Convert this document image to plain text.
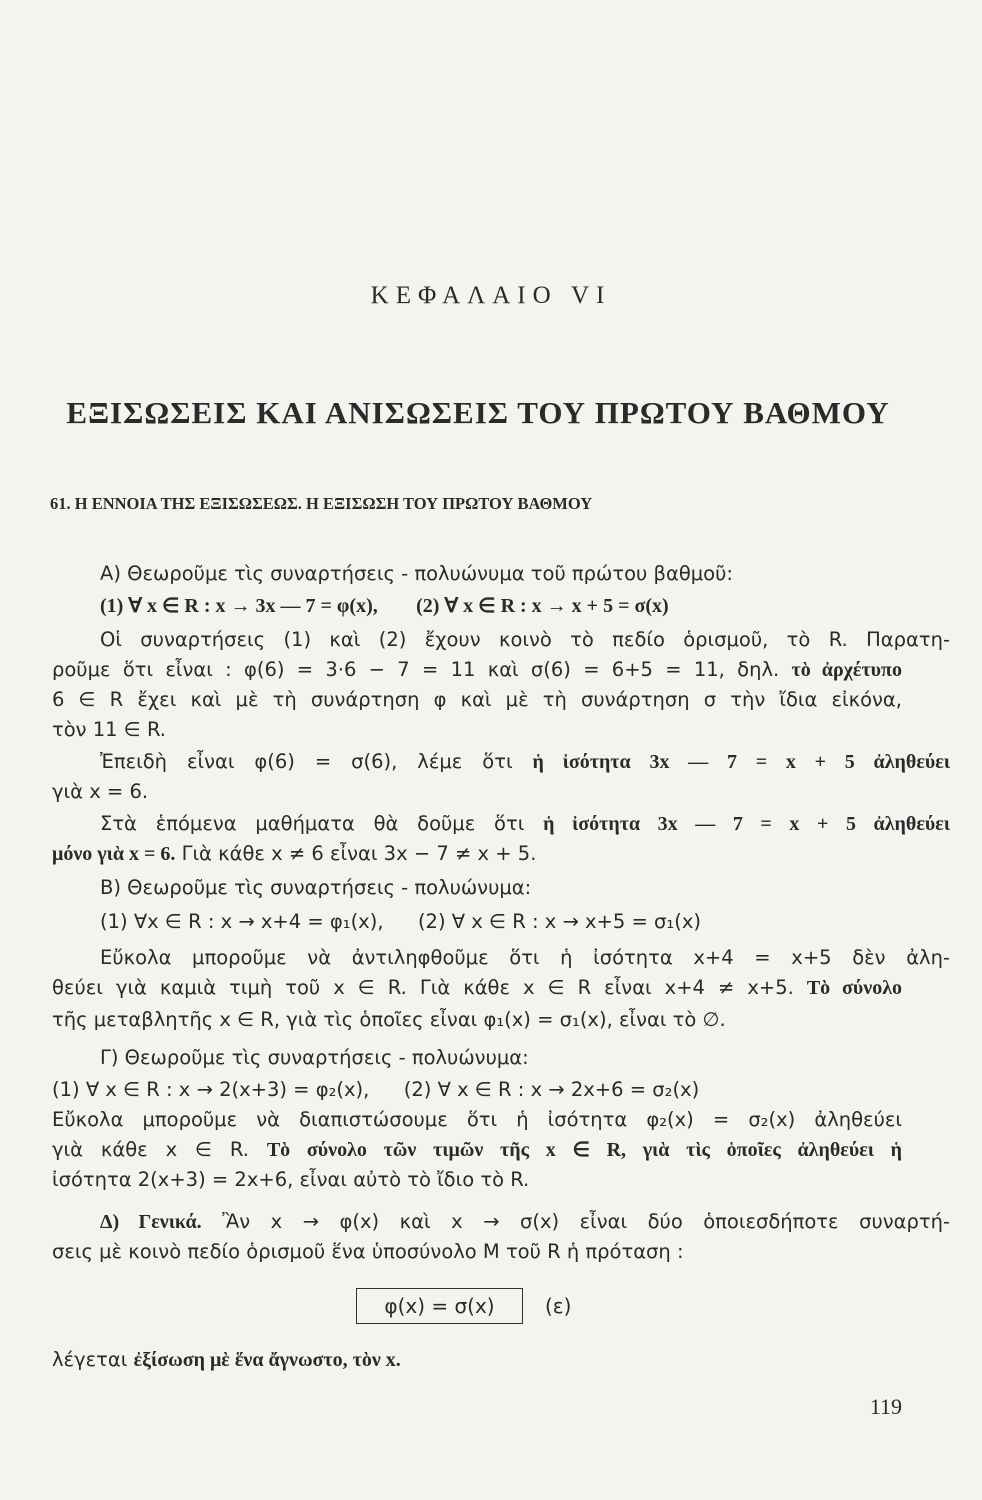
ΚΕΦΑΛΑΙΟ VI
ΕΞΙΣΩΣΕΙΣ ΚΑΙ ΑΝΙΣΩΣΕΙΣ ΤΟΥ ΠΡΩΤΟΥ ΒΑΘΜΟΥ
61. Η ΕΝΝΟΙΑ ΤΗΣ ΕΞΙΣΩΣΕΩΣ. Η ΕΞΙΣΩΣΗ ΤΟΥ ΠΡΩΤΟΥ ΒΑΘΜΟΥ
Α) Θεωροῦμε τὶς συναρτήσεις - πολυώνυμα τοῦ πρώτου βαθμοῦ:
(1) ∀ x ∈ R : x → 3x — 7 = φ(x), (2) ∀ x ∈ R : x → x + 5 = σ(x)
Οἱ συναρτήσεις (1) καὶ (2) ἔχουν κοινὸ τὸ πεδίο ὁρισμοῦ, τὸ R. Παρατη-
ροῦμε ὅτι εἶναι : φ(6) = 3·6 − 7 = 11 καὶ σ(6) = 6+5 = 11, δηλ. τὸ ἀρχέτυπο
6 ∈ R ἔχει καὶ μὲ τὴ συνάρτηση φ καὶ μὲ τὴ συνάρτηση σ τὴν ἴδια εἰκόνα,
τὸν 11 ∈ R.
Ἐπειδὴ εἶναι φ(6) = σ(6), λέμε ὅτι ἡ ἰσότητα 3x — 7 = x + 5 ἀληθεύει
γιὰ x = 6.
Στὰ ἑπόμενα μαθήματα θὰ δοῦμε ὅτι ἡ ἰσότητα 3x — 7 = x + 5 ἀληθεύει
μόνο γιὰ x = 6. Γιὰ κάθε x ≠ 6 εἶναι 3x − 7 ≠ x + 5.
Β) Θεωροῦμε τὶς συναρτήσεις - πολυώνυμα:
(1) ∀x ∈ R : x → x+4 = φ₁(x), (2) ∀ x ∈ R : x → x+5 = σ₁(x)
Εὔκολα μποροῦμε νὰ ἀντιληφθοῦμε ὅτι ἡ ἰσότητα x+4 = x+5 δὲν ἀλη-
θεύει γιὰ καμιὰ τιμὴ τοῦ x ∈ R. Γιὰ κάθε x ∈ R εἶναι x+4 ≠ x+5. Τὸ σύνολο
τῆς μεταβλητῆς x ∈ R, γιὰ τὶς ὁποῖες εἶναι φ₁(x) = σ₁(x), εἶναι τὸ ∅.
Γ) Θεωροῦμε τὶς συναρτήσεις - πολυώνυμα:
(1) ∀ x ∈ R : x → 2(x+3) = φ₂(x), (2) ∀ x ∈ R : x → 2x+6 = σ₂(x)
Εὔκολα μποροῦμε νὰ διαπιστώσουμε ὅτι ἡ ἰσότητα φ₂(x) = σ₂(x) ἀληθεύει
γιὰ κάθε x ∈ R. Τὸ σύνολο τῶν τιμῶν τῆς x ∈ R, γιὰ τὶς ὁποῖες ἀληθεύει ἡ
ἰσότητα 2(x+3) = 2x+6, εἶναι αὐτὸ τὸ ἴδιο τὸ R.
Δ) Γενικά. Ἂν x → φ(x) καὶ x → σ(x) εἶναι δύο ὁποιεσδήποτε συναρτή-
σεις μὲ κοινὸ πεδίο ὁρισμοῦ ἕνα ὑποσύνολο Μ τοῦ R ἡ πρόταση :
φ(x) = σ(x)	(ε)
λέγεται ἐξίσωση μὲ ἕνα ἄγνωστο, τὸν x.
119
